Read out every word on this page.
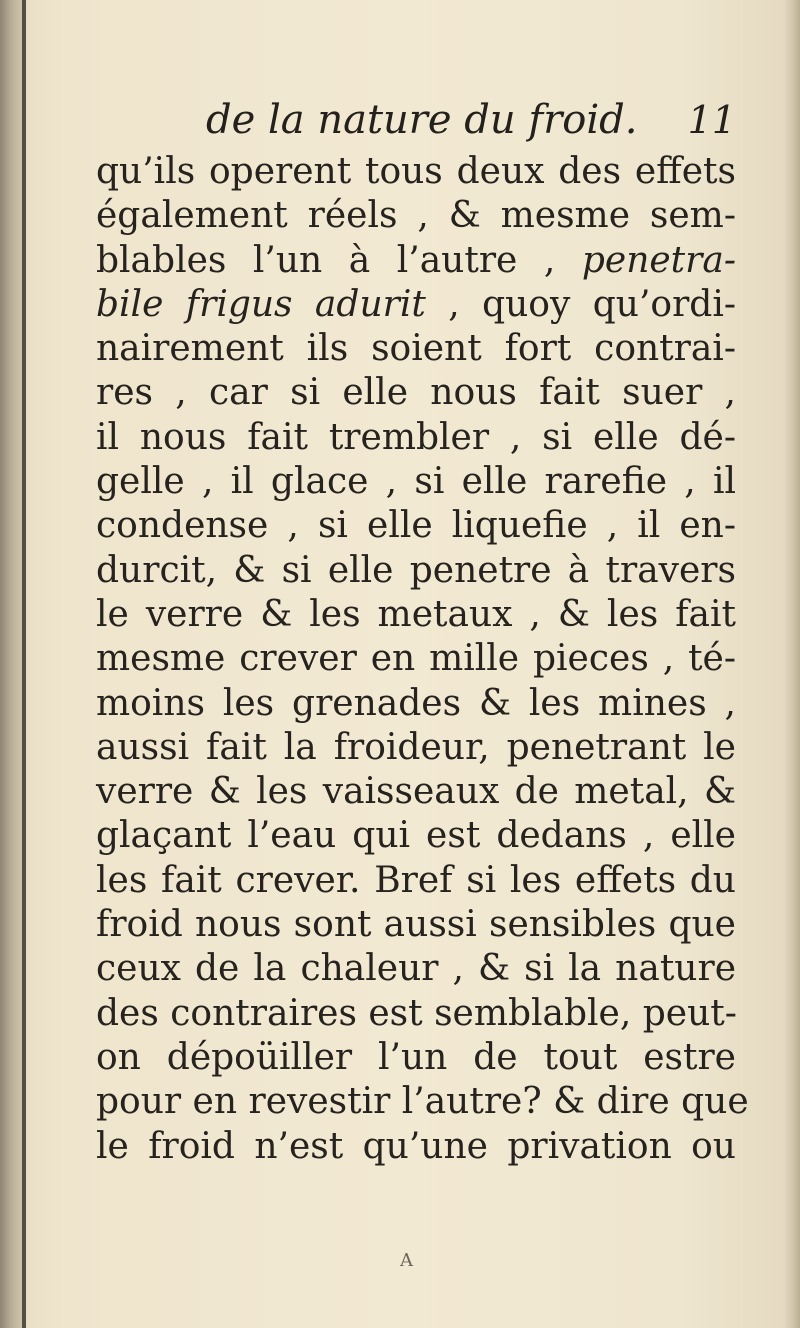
de la nature du froid. 11
qu’ils operent tous deux des effets
également réels , & mesme sem-
blables l’un à l’autre , penetra-
bile frigus adurit , quoy qu’ordi-
nairement ils soient fort contrai-
res , car si elle nous fait suer ,
il nous fait trembler , si elle dé-
gelle , il glace , si elle rarefie , il
condense , si elle liquefie , il en-
durcit, & si elle penetre à travers
le verre & les metaux , & les fait
mesme crever en mille pieces , té-
moins les grenades & les mines ,
aussi fait la froideur, penetrant le
verre & les vaisseaux de metal, &
glaçant l’eau qui est dedans , elle
les fait crever. Bref si les effets du
froid nous sont aussi sensibles que
ceux de la chaleur , & si la nature
des contraires est semblable, peut-
on dépoüiller l’un de tout estre
pour en revestir l’autre? & dire que
le froid n’est qu’une privation ou
A
